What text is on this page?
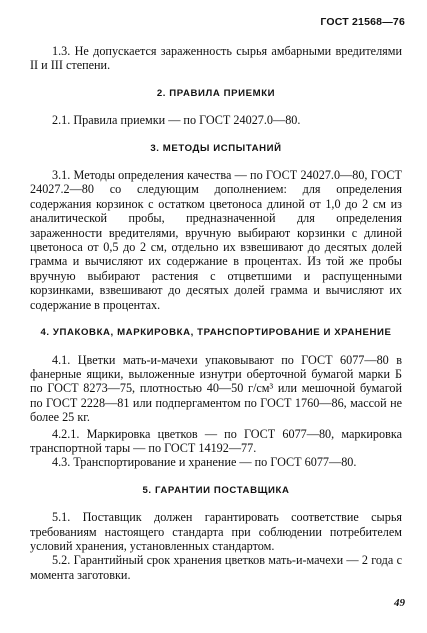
ГОСТ 21568—76

1.3. Не допускается зараженность сырья амбарными вредителями II и III степени.

2. ПРАВИЛА ПРИЕМКИ

2.1. Правила приемки — по ГОСТ 24027.0—80.

3. МЕТОДЫ ИСПЫТАНИЙ

3.1. Методы определения качества — по ГОСТ 24027.0—80, ГОСТ 24027.2—80 со следующим дополнением: для определения содержания корзинок с остатком цветоноса длиной от 1,0 до 2 см из аналитической пробы, предназначенной для определения зараженности вредителями, вручную выбирают корзинки с длиной цветоноса от 0,5 до 2 см, отдельно их взвешивают до десятых долей грамма и вычисляют их содержание в процентах. Из той же пробы вручную выбирают растения с отцветшими и распущенными корзинками, взвешивают до десятых долей грамма и вычисляют их содержание в процентах.

4. УПАКОВКА, МАРКИРОВКА, ТРАНСПОРТИРОВАНИЕ И ХРАНЕНИЕ

4.1. Цветки мать-и-мачехи упаковывают по ГОСТ 6077—80 в фанерные ящики, выложенные изнутри оберточной бумагой марки Б по ГОСТ 8273—75, плотностью 40—50 г/см³ или мешочной бумагой по ГОСТ 2228—81 или подпергаментом по ГОСТ 1760—86, массой не более 25 кг.

4.2.1. Маркировка цветков — по ГОСТ 6077—80, маркировка транспортной тары — по ГОСТ 14192—77.

4.3. Транспортирование и хранение — по ГОСТ 6077—80.

5. ГАРАНТИИ ПОСТАВЩИКА

5.1. Поставщик должен гарантировать соответствие сырья требованиям настоящего стандарта при соблюдении потребителем условий хранения, установленных стандартом.

5.2. Гарантийный срок хранения цветков мать-и-мачехи — 2 года с момента заготовки.

49
